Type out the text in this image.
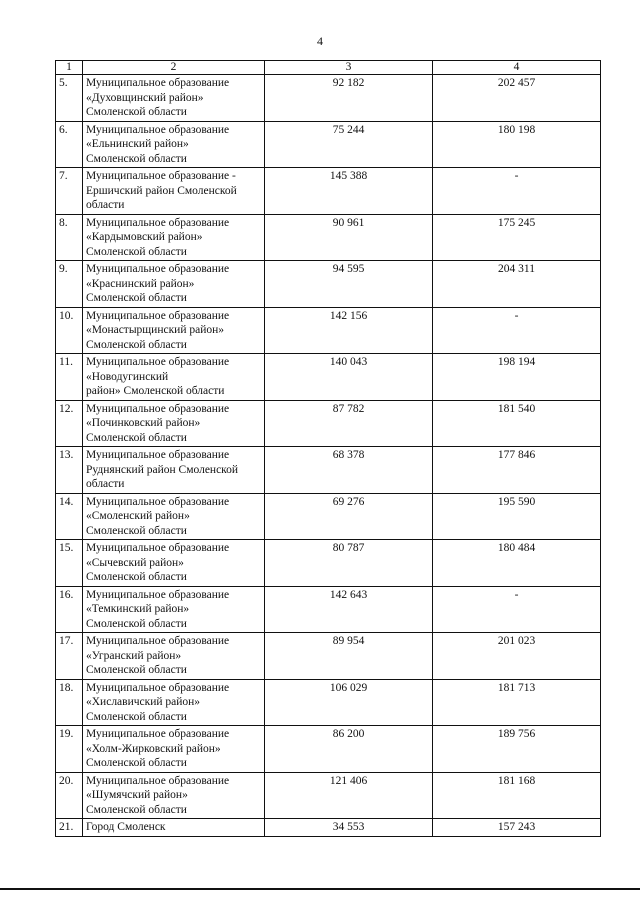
4
1	2	3	4
5.	Муниципальное образование
«Духовщинский район»
Смоленской области	92 182	202 457
6.	Муниципальное образование
«Ельнинский район»
Смоленской области	75 244	180 198
7.	Муниципальное образование -
Ершичский район Смоленской
области	145 388	-
8.	Муниципальное образование
«Кардымовский район»
Смоленской области	90 961	175 245
9.	Муниципальное образование
«Краснинский район»
Смоленской области	94 595	204 311
10.	Муниципальное образование
«Монастырщинский район»
Смоленской области	142 156	-
11.	Муниципальное образование
«Новодугинский
район» Смоленской области	140 043	198 194
12.	Муниципальное образование
«Починковский район»
Смоленской области	87 782	181 540
13.	Муниципальное образование
Руднянский район Смоленской
области	68 378	177 846
14.	Муниципальное образование
«Смоленский район»
Смоленской области	69 276	195 590
15.	Муниципальное образование
«Сычевский район»
Смоленской области	80 787	180 484
16.	Муниципальное образование
«Темкинский район»
Смоленской области	142 643	-
17.	Муниципальное образование
«Угранский район»
Смоленской области	89 954	201 023
18.	Муниципальное образование
«Хиславичский район»
Смоленской области	106 029	181 713
19.	Муниципальное образование
«Холм-Жирковский район»
Смоленской области	86 200	189 756
20.	Муниципальное образование
«Шумячский район»
Смоленской области	121 406	181 168
21.	Город Смоленск	34 553	157 243
